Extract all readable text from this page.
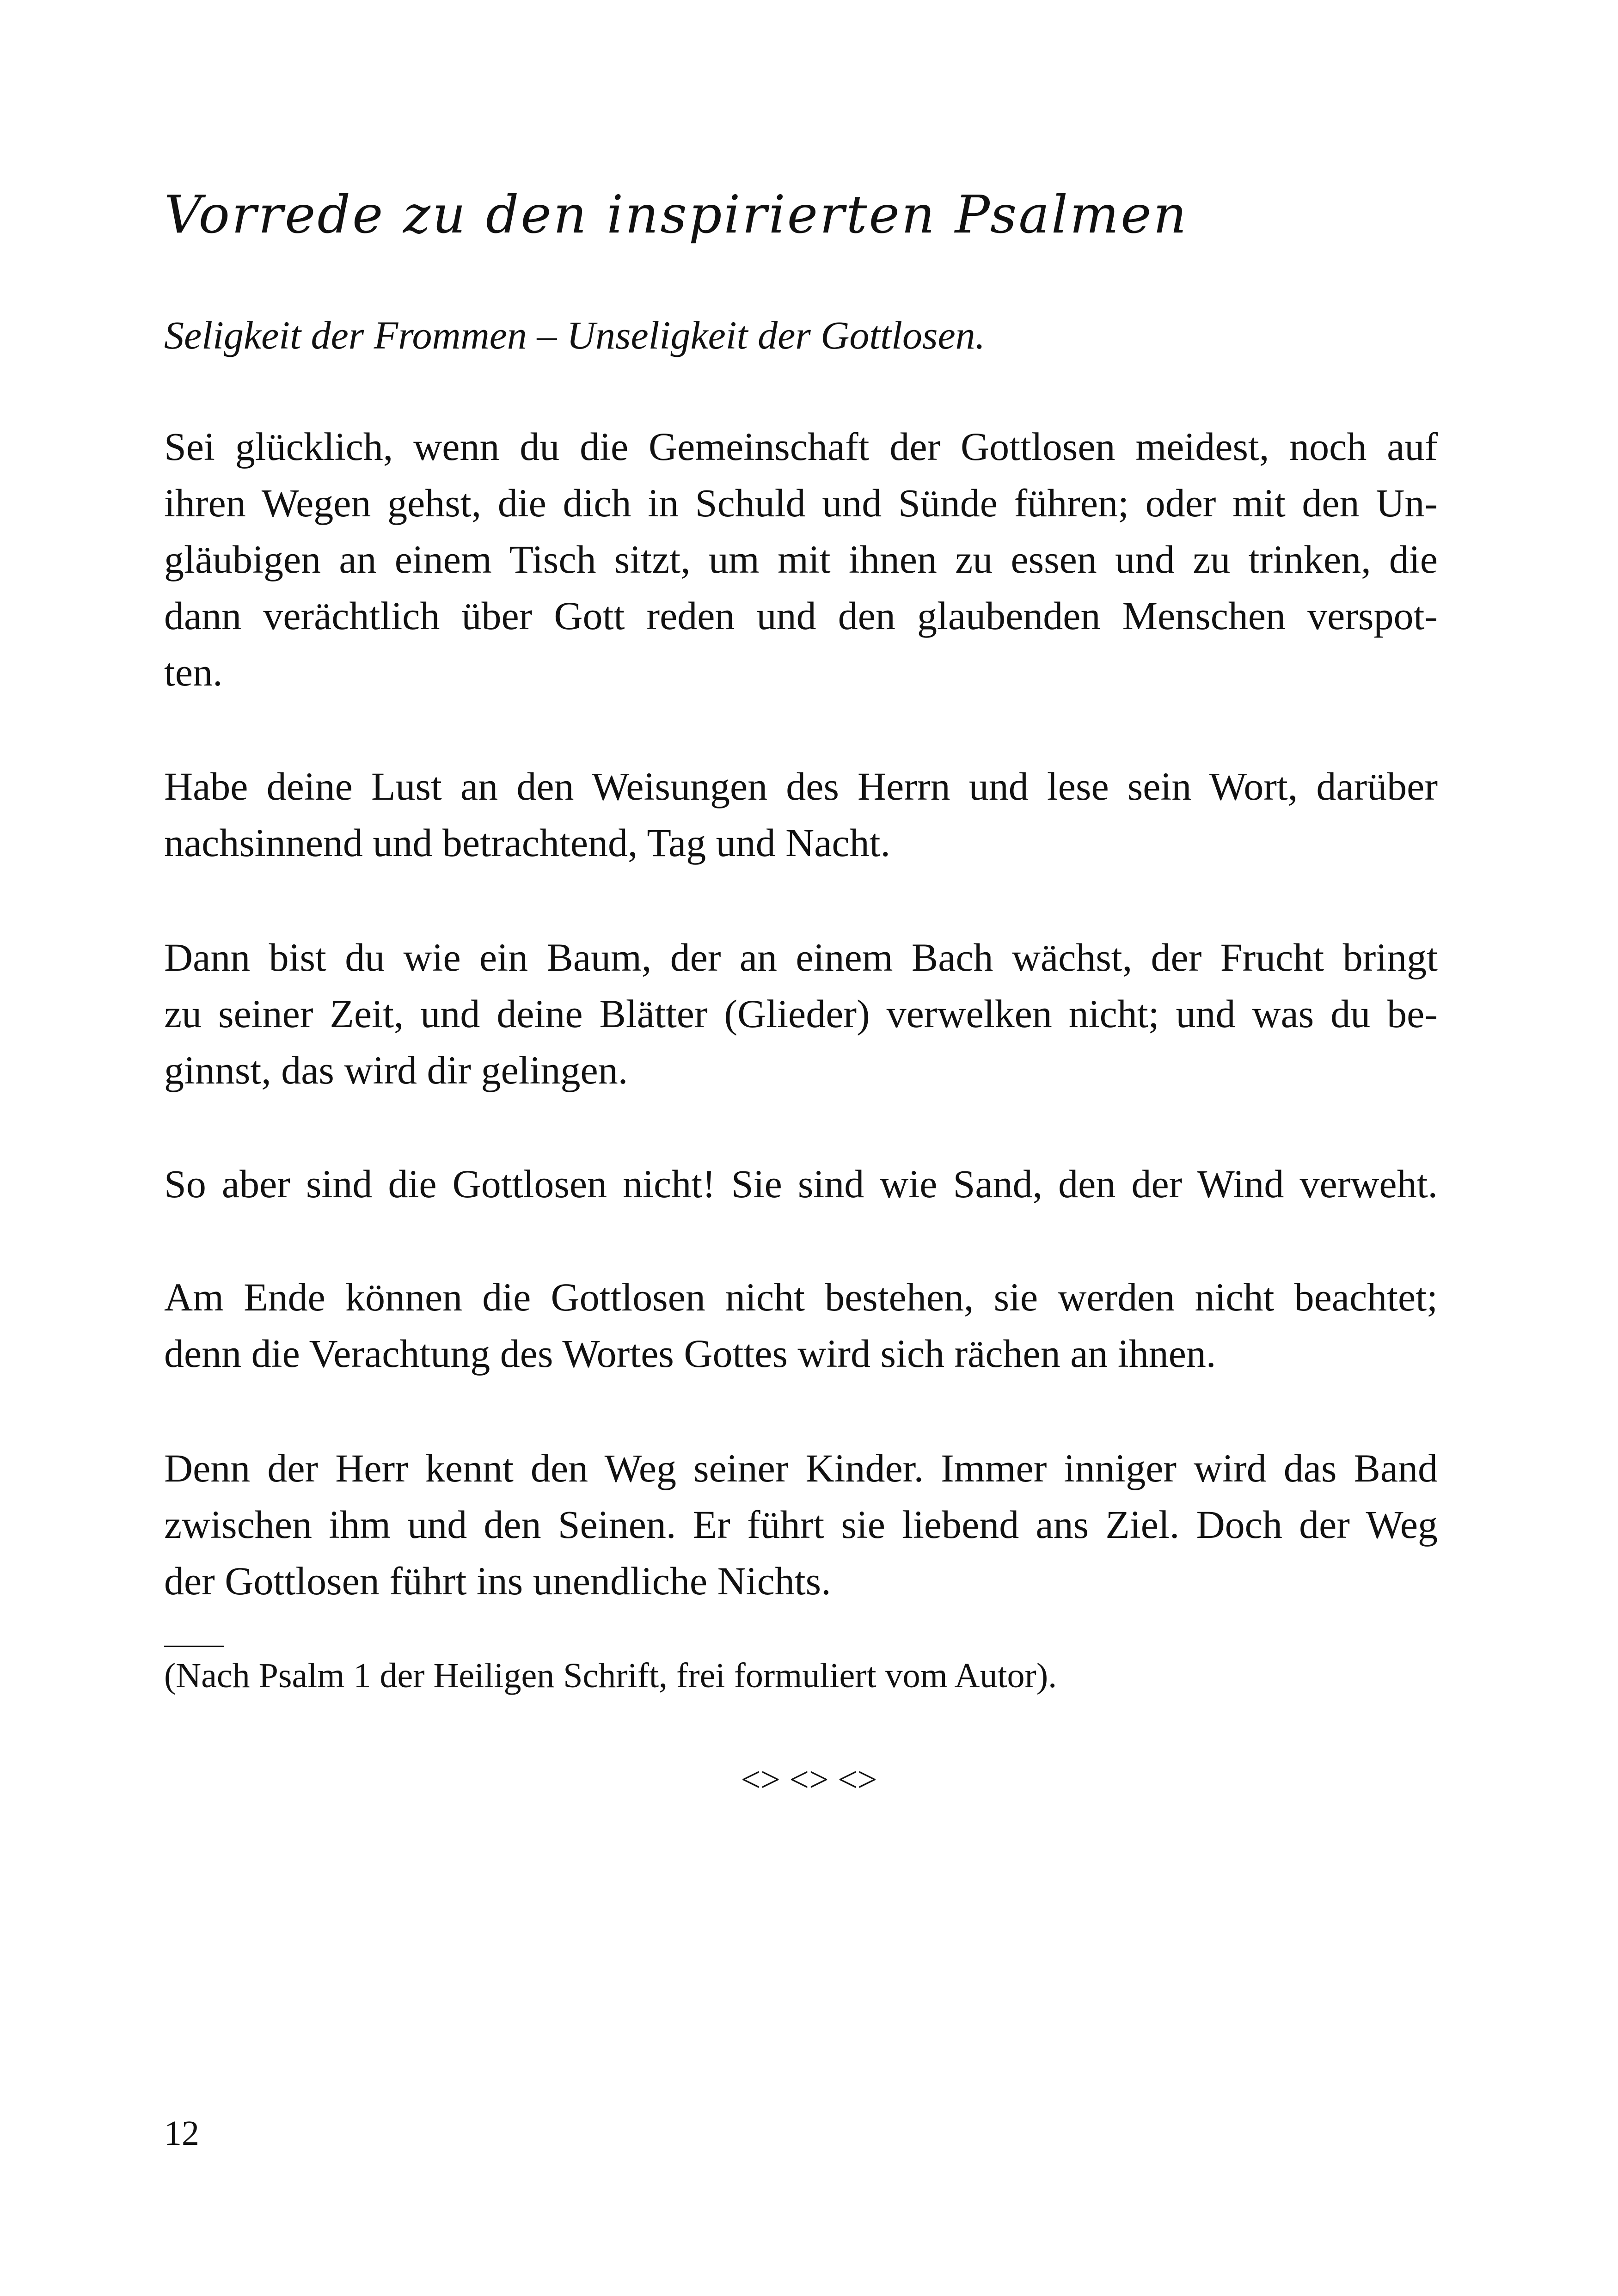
Vorrede zu den inspirierten Psalmen

Seligkeit der Frommen – Unseligkeit der Gottlosen.

Sei glücklich, wenn du die Gemeinschaft der Gottlosen meidest, noch auf
ihren Wegen gehst, die dich in Schuld und Sünde führen; oder mit den Un-
gläubigen an einem Tisch sitzt, um mit ihnen zu essen und zu trinken, die
dann verächtlich über Gott reden und den glaubenden Menschen verspot-
ten.

Habe deine Lust an den Weisungen des Herrn und lese sein Wort, darüber
nachsinnend und betrachtend, Tag und Nacht.

Dann bist du wie ein Baum, der an einem Bach wächst, der Frucht bringt
zu seiner Zeit, und deine Blätter (Glieder) verwelken nicht; und was du be-
ginnst, das wird dir gelingen.

So aber sind die Gottlosen nicht! Sie sind wie Sand, den der Wind verweht.

Am Ende können die Gottlosen nicht bestehen, sie werden nicht beachtet;
denn die Verachtung des Wortes Gottes wird sich rächen an ihnen.

Denn der Herr kennt den Weg seiner Kinder. Immer inniger wird das Band
zwischen ihm und den Seinen. Er führt sie liebend ans Ziel. Doch der Weg
der Gottlosen führt ins unendliche Nichts.

(Nach Psalm 1 der Heiligen Schrift, frei formuliert vom Autor).

<> <> <>

12
